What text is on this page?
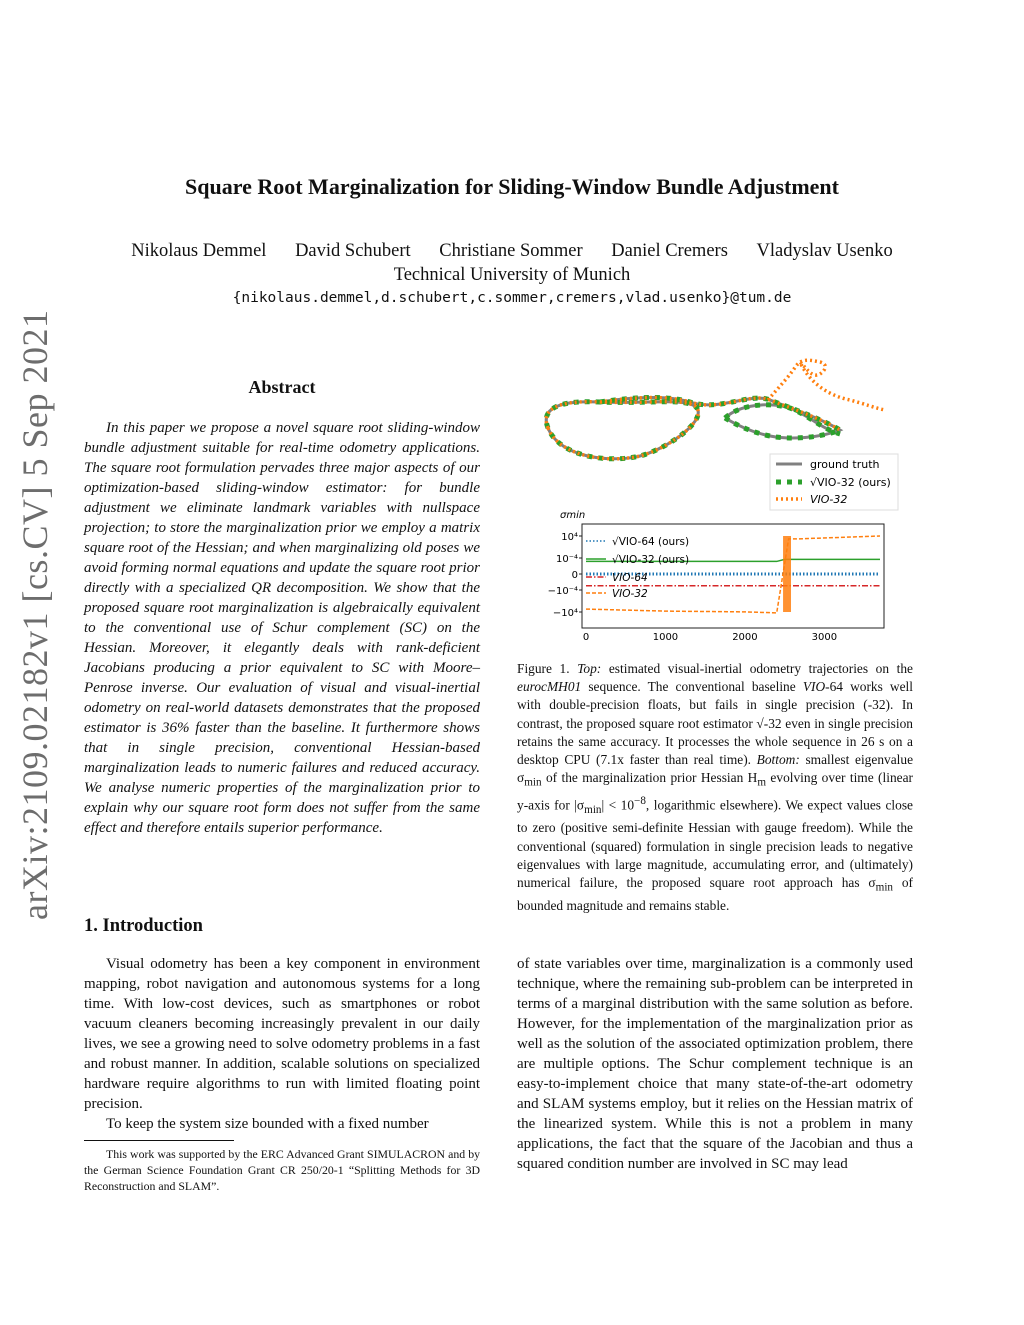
arXiv:2109.02182v1 [cs.CV] 5 Sep 2021
Square Root Marginalization for Sliding-Window Bundle Adjustment
Nikolaus Demmel David Schubert Christiane Sommer Daniel Cremers Vladyslav Usenko
Technical University of Munich
{nikolaus.demmel,d.schubert,c.sommer,cremers,vlad.usenko}@tum.de
Abstract

In this paper we propose a novel square root sliding-window bundle adjustment suitable for real-time odometry applications. The square root formulation pervades three major aspects of our optimization-based sliding-window estimator: for bundle adjustment we eliminate landmark variables with nullspace projection; to store the marginalization prior we employ a matrix square root of the Hessian; and when marginalizing old poses we avoid forming normal equations and update the square root prior directly with a specialized QR decomposition. We show that the proposed square root marginalization is algebraically equivalent to the conventional use of Schur complement (SC) on the Hessian. Moreover, it elegantly deals with rank-deficient Jacobians producing a prior equivalent to SC with Moore–Penrose inverse. Our evaluation of visual and visual-inertial odometry on real-world datasets demonstrates that the proposed estimator is 36% faster than the baseline. It furthermore shows that in single precision, conventional Hessian-based marginalization leads to numeric failures and reduced accuracy. We analyse numeric properties of the marginalization prior to explain why our square root form does not suffer from the same effect and therefore entails superior performance.

1. Introduction

Visual odometry has been a key component in environment mapping, robot navigation and autonomous systems for a long time. With low-cost devices, such as smartphones or robot vacuum cleaners becoming increasingly prevalent in our daily lives, we see a growing need to solve odometry problems in a fast and robust manner. In addition, scalable solutions on specialized hardware require algorithms to run with limited floating point precision.

To keep the system size bounded with a fixed number

This work was supported by the ERC Advanced Grant SIMULACRON and by the German Science Foundation Grant CR 250/20-1 “Splitting Methods for 3D Reconstruction and SLAM”.

ground truth
√VIO-32 (ours)
VIO-32
σmin
10⁴
10⁻⁴
0
−10⁻⁴
−10⁴
0	1000	2000	3000
√VIO-64 (ours)
√VIO-32 (ours)
VIO-64
VIO-32

Figure 1. Top: estimated visual-inertial odometry trajectories on the eurocMH01 sequence. The conventional baseline VIO-64 works well with double-precision floats, but fails in single precision (-32). In contrast, the proposed square root estimator √-32 even in single precision retains the same accuracy. It processes the whole sequence in 26 s on a desktop CPU (7.1x faster than real time). Bottom: smallest eigenvalue $\sigma_{min}$ of the marginalization prior Hessian $H_m$ evolving over time (linear y-axis for $|\sigma_{min}| < 10^{-8}$, logarithmic elsewhere). We expect values close to zero (positive semi-definite Hessian with gauge freedom). While the conventional (squared) formulation in single precision leads to negative eigenvalues with large magnitude, accumulating error, and (ultimately) numerical failure, the proposed square root approach has $\sigma_{min}$ of bounded magnitude and remains stable.

of state variables over time, marginalization is a commonly used technique, where the remaining sub-problem can be interpreted in terms of a marginal distribution with the same solution as before. However, for the implementation of the marginalization prior as well as the solution of the associated optimization problem, there are multiple options. The Schur complement technique is an easy-to-implement choice that many state-of-the-art odometry and SLAM systems employ, but it relies on the Hessian matrix of the linearized system. While this is not a problem in many applications, the fact that the square of the Jacobian and thus a squared condition number are involved in SC may lead
